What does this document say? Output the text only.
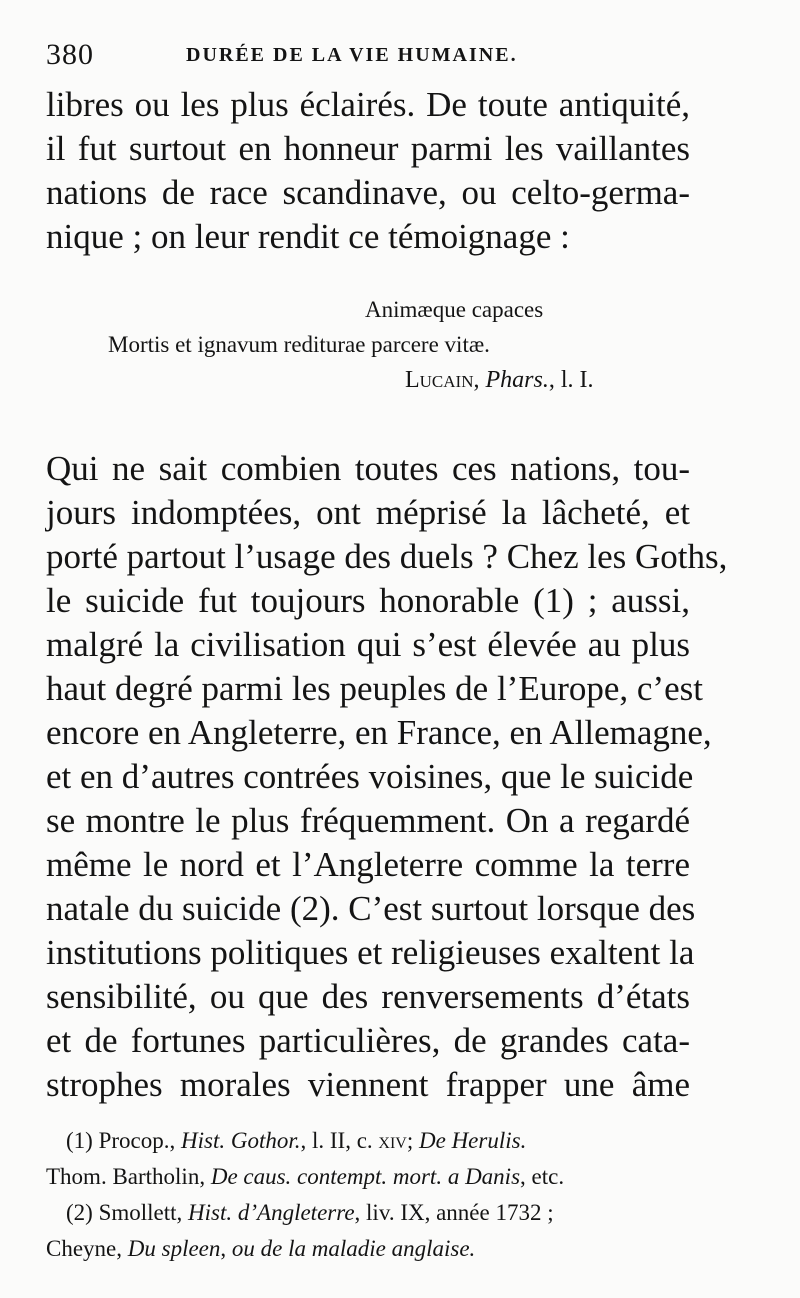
380	DURÉE DE LA VIE HUMAINE.
libres ou les plus éclairés. De toute antiquité,
il fut surtout en honneur parmi les vaillantes
nations de race scandinave, ou celto-germa-
nique ; on leur rendit ce témoignage :
Animæque capaces
Mortis et ignavum rediturae parcere vitæ.
Lucain, Phars., l. I.
Qui ne sait combien toutes ces nations, tou-
jours indomptées, ont méprisé la lâcheté, et
porté partout l’usage des duels ? Chez les Goths,
le suicide fut toujours honorable (1) ; aussi,
malgré la civilisation qui s’est élevée au plus
haut degré parmi les peuples de l’Europe, c’est
encore en Angleterre, en France, en Allemagne,
et en d’autres contrées voisines, que le suicide
se montre le plus fréquemment. On a regardé
même le nord et l’Angleterre comme la terre
natale du suicide (2). C’est surtout lorsque des
institutions politiques et religieuses exaltent la
sensibilité, ou que des renversements d’états
et de fortunes particulières, de grandes cata-
strophes morales viennent frapper une âme
(1) Procop., Hist. Gothor., l. II, c. xiv; De Herulis.
Thom. Bartholin, De caus. contempt. mort. a Danis, etc.
(2) Smollett, Hist. d’Angleterre, liv. IX, année 1732 ;
Cheyne, Du spleen, ou de la maladie anglaise.
